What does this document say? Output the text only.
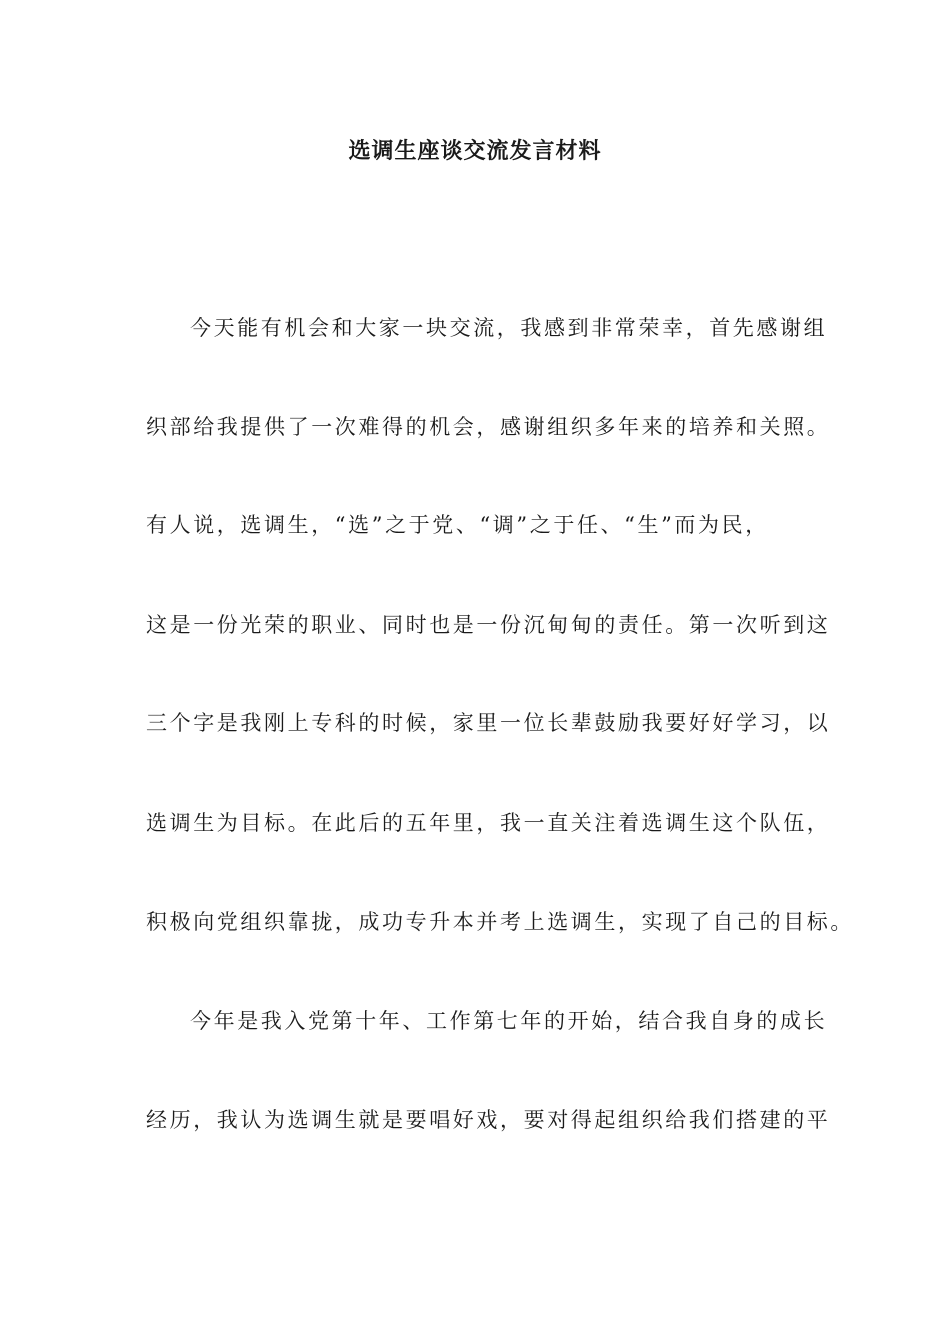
选调生座谈交流发言材料
今天能有机会和大家一块交流，我感到非常荣幸，首先感谢组
织部给我提供了一次难得的机会，感谢组织多年来的培养和关照。
有人说，选调生，“选”之于党、“调”之于任、“生”而为民，
这是一份光荣的职业、同时也是一份沉甸甸的责任。第一次听到这
三个字是我刚上专科的时候，家里一位长辈鼓励我要好好学习，以
选调生为目标。在此后的五年里，我一直关注着选调生这个队伍，
积极向党组织靠拢，成功专升本并考上选调生，实现了自己的目标。
今年是我入党第十年、工作第七年的开始，结合我自身的成长
经历，我认为选调生就是要唱好戏，要对得起组织给我们搭建的平
